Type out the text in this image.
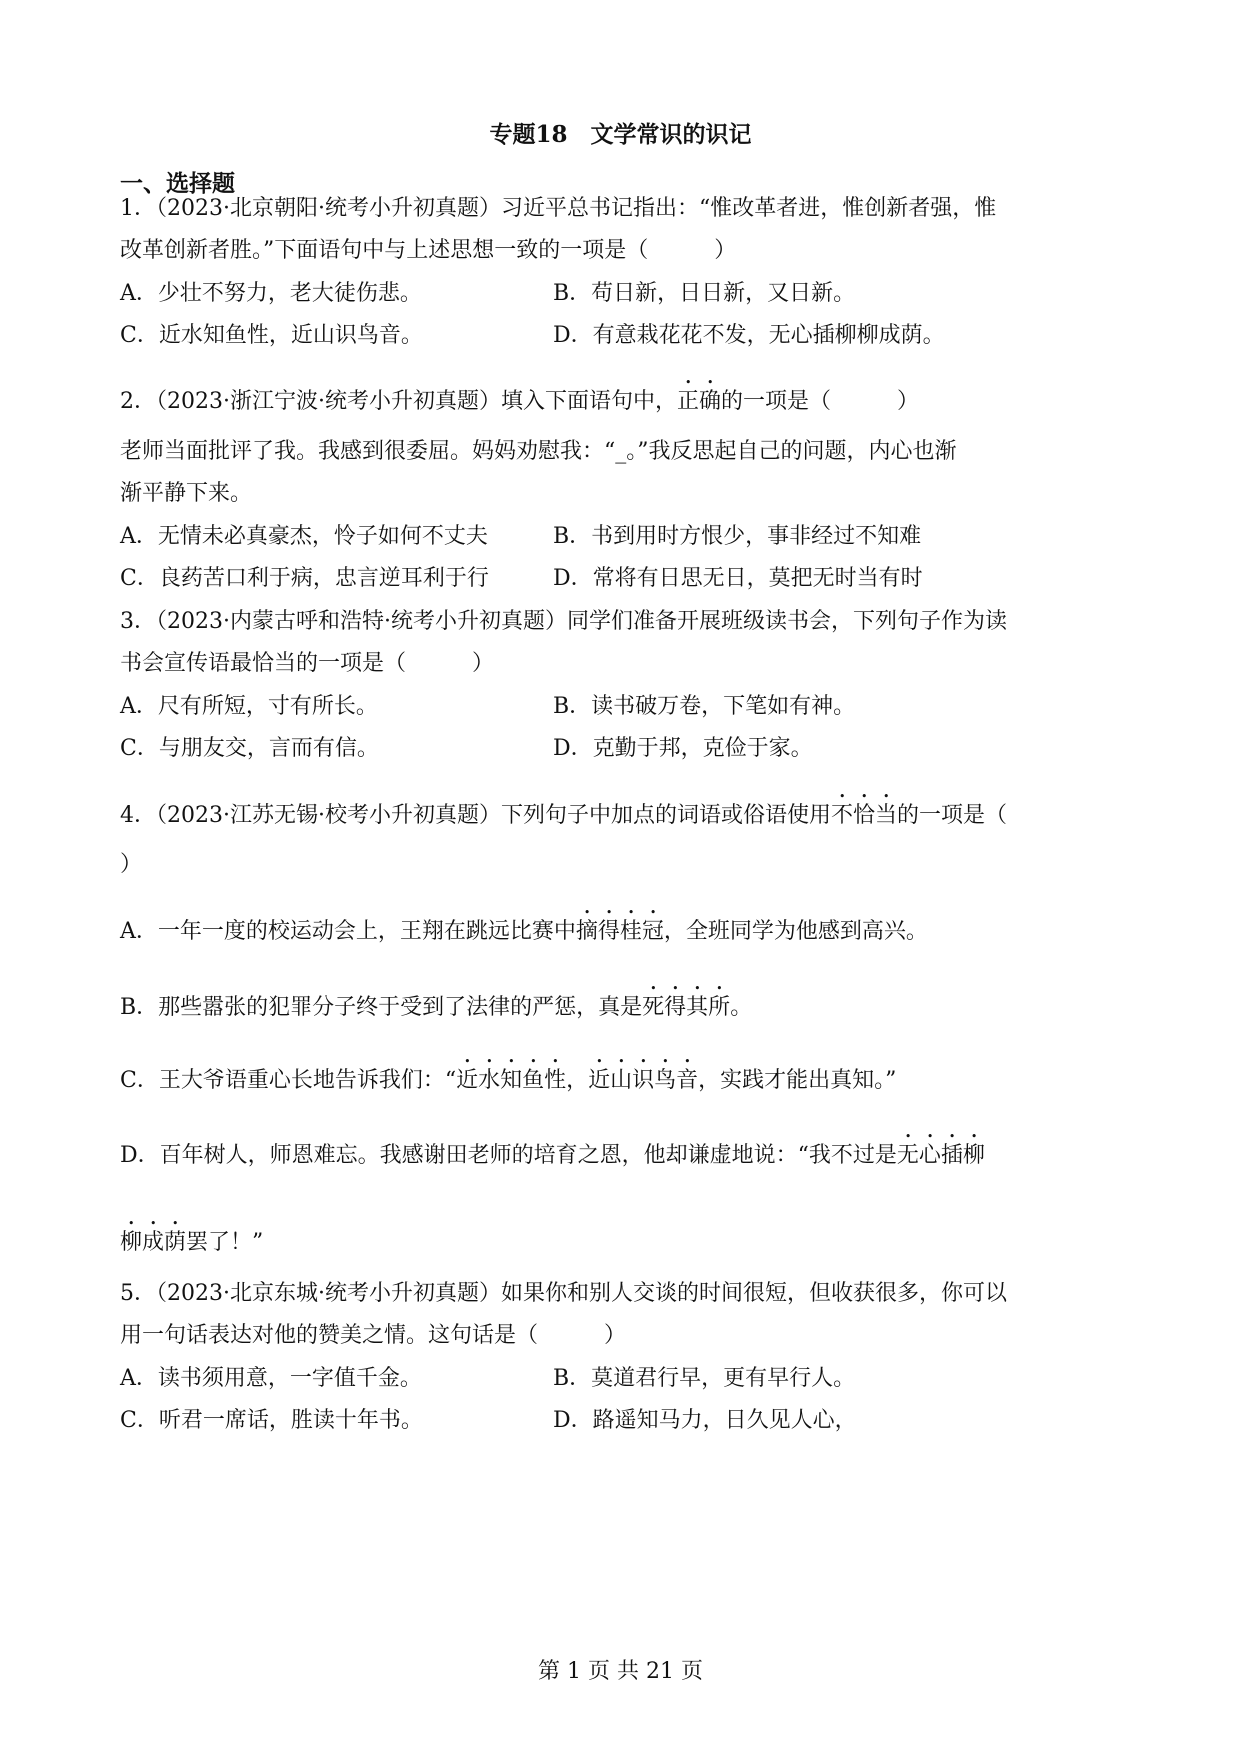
专题18　文学常识的识记
一、选择题
1．（2023·北京朝阳·统考小升初真题）习近平总书记指出：“惟改革者进，惟创新者强，惟
改革创新者胜。”下面语句中与上述思想一致的一项是（　　　）
A．少壮不努力，老大徒伤悲。	B．苟日新，日日新，又日新。
C．近水知鱼性，近山识鸟音。	D．有意栽花花不发，无心插柳柳成荫。
2．（2023·浙江宁波·统考小升初真题）填入下面语句中，正确的一项是（　　　）
老师当面批评了我。我感到很委屈。妈妈劝慰我：“_。”我反思起自己的问题，内心也渐
渐平静下来。
A．无情未必真豪杰，怜子如何不丈夫	B．书到用时方恨少，事非经过不知难
C．良药苦口利于病，忠言逆耳利于行	D．常将有日思无日，莫把无时当有时
3．（2023·内蒙古呼和浩特·统考小升初真题）同学们准备开展班级读书会，下列句子作为读
书会宣传语最恰当的一项是（　　　）
A．尺有所短，寸有所长。	B．读书破万卷，下笔如有神。
C．与朋友交，言而有信。	D．克勤于邦，克俭于家。
4．（2023·江苏无锡·校考小升初真题）下列句子中加点的词语或俗语使用不恰当的一项是（
）
A．一年一度的校运动会上，王翔在跳远比赛中摘得桂冠，全班同学为他感到高兴。
B．那些嚣张的犯罪分子终于受到了法律的严惩，真是死得其所。
C．王大爷语重心长地告诉我们：“近水知鱼性，近山识鸟音，实践才能出真知。”
D．百年树人，师恩难忘。我感谢田老师的培育之恩，他却谦虚地说：“我不过是无心插柳
柳成荫罢了！”
5．（2023·北京东城·统考小升初真题）如果你和别人交谈的时间很短，但收获很多，你可以
用一句话表达对他的赞美之情。这句话是（　　　）
A．读书须用意，一字值千金。	B．莫道君行早，更有早行人。
C．听君一席话，胜读十年书。	D．路遥知马力，日久见人心，
第 1 页 共 21 页
